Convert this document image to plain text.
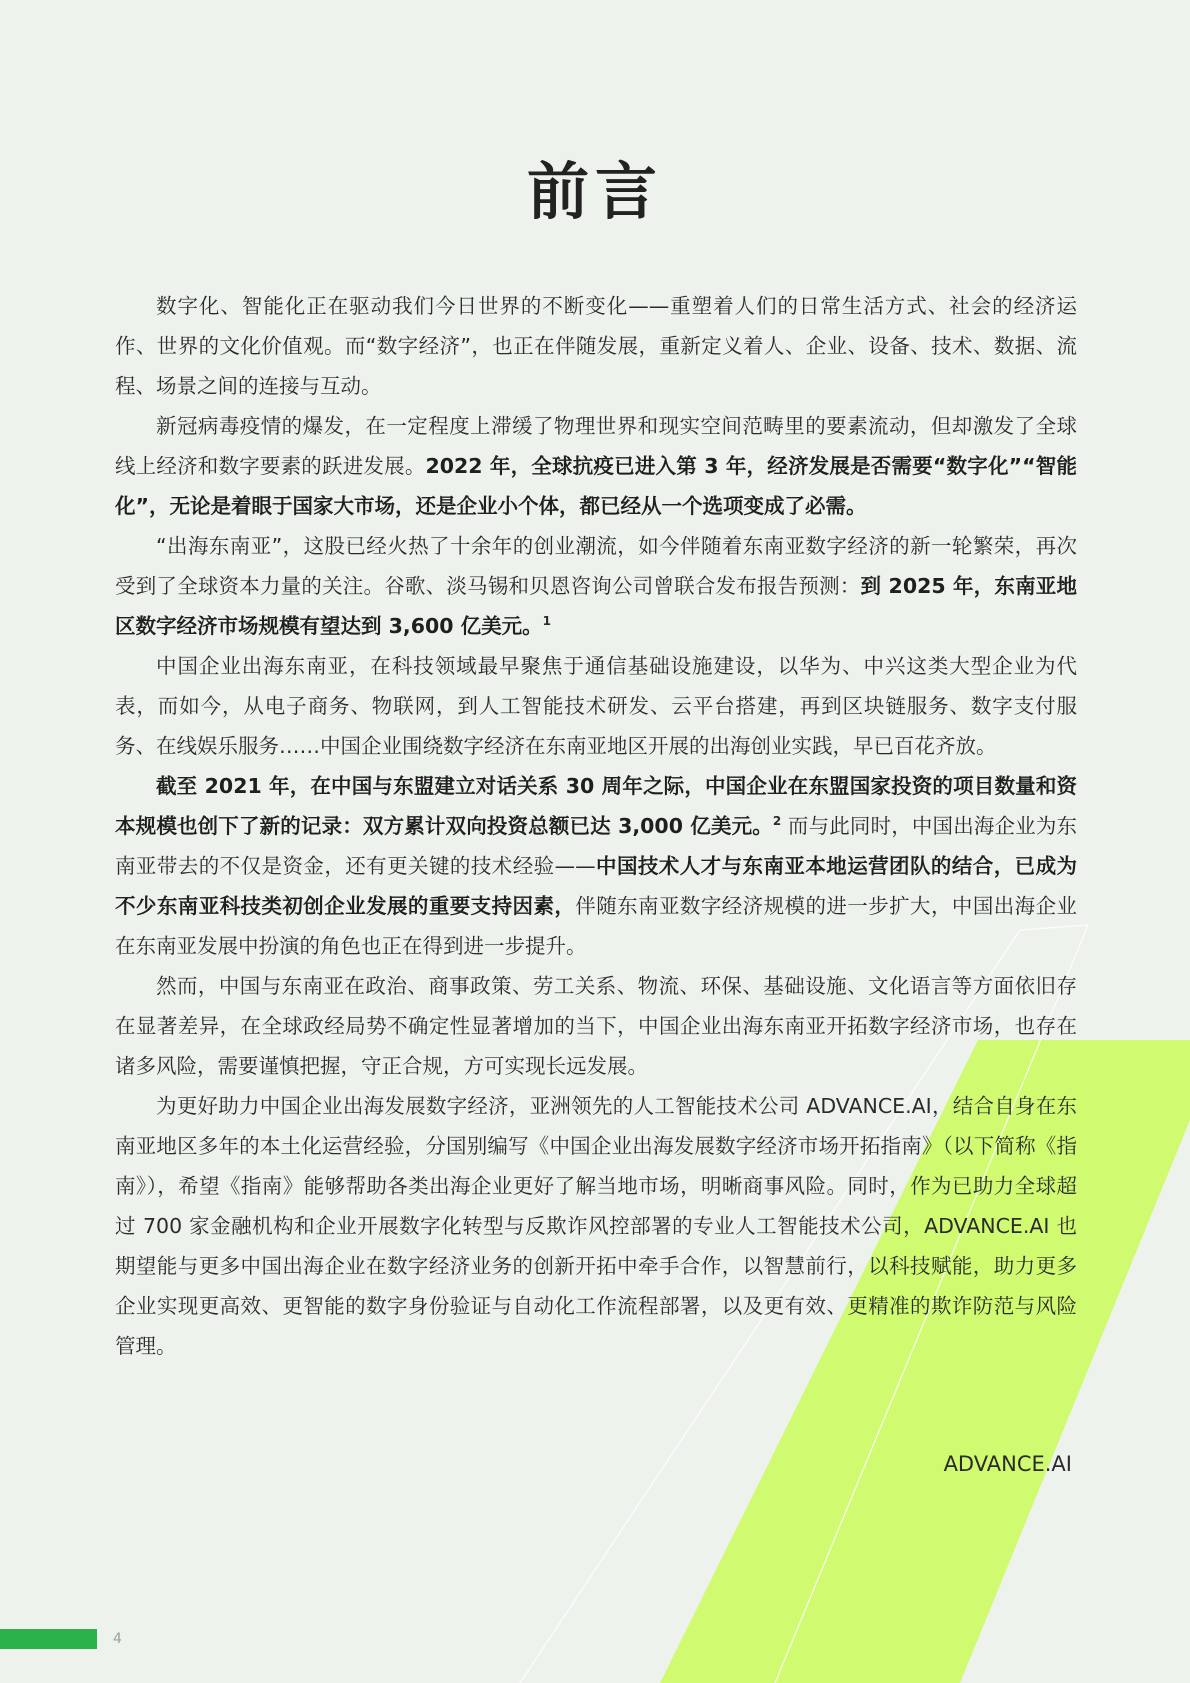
前言

数字化、智能化正在驱动我们今日世界的不断变化——重塑着人们的日常生活方式、社会的经济运作、世界的文化价值观。而“数字经济”，也正在伴随发展，重新定义着人、企业、设备、技术、数据、流程、场景之间的连接与互动。

新冠病毒疫情的爆发，在一定程度上滞缓了物理世界和现实空间范畴里的要素流动，但却激发了全球线上经济和数字要素的跃进发展。2022 年，全球抗疫已进入第 3 年，经济发展是否需要“数字化”“智能化”，无论是着眼于国家大市场，还是企业小个体，都已经从一个选项变成了必需。

“出海东南亚”，这股已经火热了十余年的创业潮流，如今伴随着东南亚数字经济的新一轮繁荣，再次受到了全球资本力量的关注。谷歌、淡马锡和贝恩咨询公司曾联合发布报告预测：到 2025 年，东南亚地区数字经济市场规模有望达到 3,600 亿美元。$^1$

中国企业出海东南亚，在科技领域最早聚焦于通信基础设施建设，以华为、中兴这类大型企业为代表，而如今，从电子商务、物联网，到人工智能技术研发、云平台搭建，再到区块链服务、数字支付服务、在线娱乐服务……中国企业围绕数字经济在东南亚地区开展的出海创业实践，早已百花齐放。

截至 2021 年，在中国与东盟建立对话关系 30 周年之际，中国企业在东盟国家投资的项目数量和资本规模也创下了新的记录：双方累计双向投资总额已达 3,000 亿美元。$^2$ 而与此同时，中国出海企业为东南亚带去的不仅是资金，还有更关键的技术经验——中国技术人才与东南亚本地运营团队的结合，已成为不少东南亚科技类初创企业发展的重要支持因素，伴随东南亚数字经济规模的进一步扩大，中国出海企业在东南亚发展中扮演的角色也正在得到进一步提升。

然而，中国与东南亚在政治、商事政策、劳工关系、物流、环保、基础设施、文化语言等方面依旧存在显著差异，在全球政经局势不确定性显著增加的当下，中国企业出海东南亚开拓数字经济市场，也存在诸多风险，需要谨慎把握，守正合规，方可实现长远发展。

为更好助力中国企业出海发展数字经济，亚洲领先的人工智能技术公司 ADVANCE.AI，结合自身在东南亚地区多年的本土化运营经验，分国别编写《中国企业出海发展数字经济市场开拓指南》（以下简称《指南》），希望《指南》能够帮助各类出海企业更好了解当地市场，明晰商事风险。同时，作为已助力全球超过 700 家金融机构和企业开展数字化转型与反欺诈风控部署的专业人工智能技术公司，ADVANCE.AI 也期望能与更多中国出海企业在数字经济业务的创新开拓中牵手合作，以智慧前行，以科技赋能，助力更多企业实现更高效、更智能的数字身份验证与自动化工作流程部署，以及更有效、更精准的欺诈防范与风险管理。

ADVANCE.AI
4
